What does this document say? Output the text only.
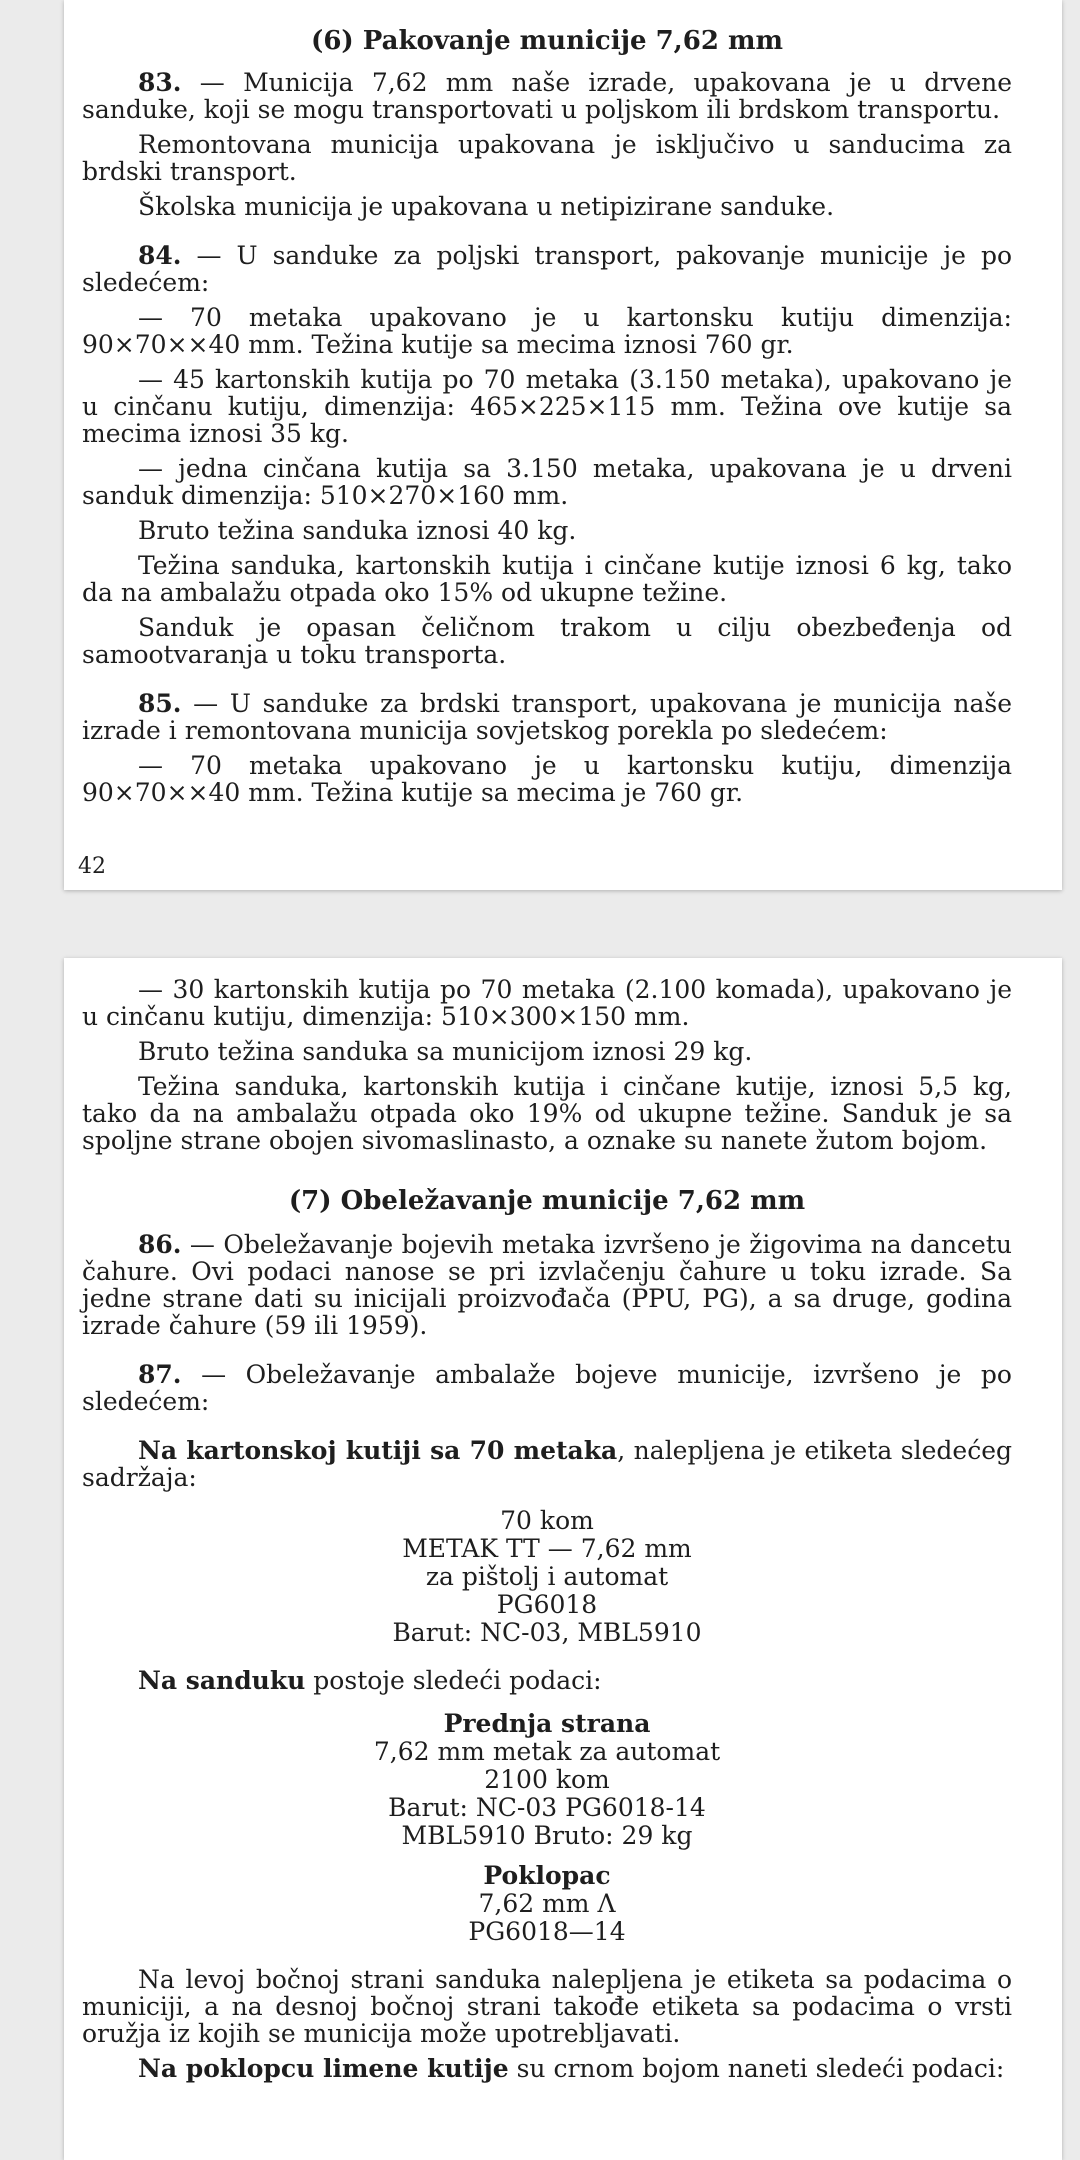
(6) Pakovanje municije 7,62 mm

83. — Municija 7,62 mm naše izrade, upakovana je u drvene sanduke, koji se mogu transportovati u poljskom ili brdskom transportu.

Remontovana municija upakovana je isključivo u sanducima za brdski transport.

Školska municija je upakovana u netipizirane sanduke.

84. — U sanduke za poljski transport, pakovanje municije je po sledećem:

— 70 metaka upakovano je u kartonsku kutiju dimenzija: 90×70××40 mm. Težina kutije sa mecima iznosi 760 gr.

— 45 kartonskih kutija po 70 metaka (3.150 metaka), upakovano je u cinčanu kutiju, dimenzija: 465×225×115 mm. Težina ove kutije sa mecima iznosi 35 kg.

— jedna cinčana kutija sa 3.150 metaka, upakovana je u drveni sanduk dimenzija: 510×270×160 mm.

Bruto težina sanduka iznosi 40 kg.

Težina sanduka, kartonskih kutija i cinčane kutije iznosi 6 kg, tako da na ambalažu otpada oko 15% od ukupne težine.

Sanduk je opasan čeličnom trakom u cilju obezbeđenja od samootvaranja u toku transporta.

85. — U sanduke za brdski transport, upakovana je municija naše izrade i remontovana municija sovjetskog porekla po sledećem:

— 70 metaka upakovano je u kartonsku kutiju, dimenzija 90×70××40 mm. Težina kutije sa mecima je 760 gr.

42

— 30 kartonskih kutija po 70 metaka (2.100 komada), upakovano je u cinčanu kutiju, dimenzija: 510×300×150 mm.

Bruto težina sanduka sa municijom iznosi 29 kg.

Težina sanduka, kartonskih kutija i cinčane kutije, iznosi 5,5 kg, tako da na ambalažu otpada oko 19% od ukupne težine. Sanduk je sa spoljne strane obojen sivomaslinasto, a oznake su nanete žutom bojom.

(7) Obeležavanje municije 7,62 mm

86. — Obeležavanje bojevih metaka izvršeno je žigovima na dancetu čahure. Ovi podaci nanose se pri izvlačenju čahure u toku izrade. Sa jedne strane dati su inicijali proizvođača (PPU, PG), a sa druge, godina izrade čahure (59 ili 1959).

87. — Obeležavanje ambalaže bojeve municije, izvršeno je po sledećem:

Na kartonskoj kutiji sa 70 metaka, nalepljena je etiketa sledećeg sadržaja:

70 kom
METAK TT — 7,62 mm
za pištolj i automat
PG6018
Barut: NC-03, MBL5910

Na sanduku postoje sledeći podaci:

Prednja strana
7,62 mm metak za automat
2100 kom
Barut: NC-03 PG6018-14
MBL5910 Bruto: 29 kg
Poklopac
7,62 mm Λ
PG6018—14

Na levoj bočnoj strani sanduka nalepljena je etiketa sa podacima o municiji, a na desnoj bočnoj strani takođe etiketa sa podacima o vrsti oružja iz kojih se municija može upotrebljavati.

Na poklopcu limene kutije su crnom bojom naneti sledeći podaci:
